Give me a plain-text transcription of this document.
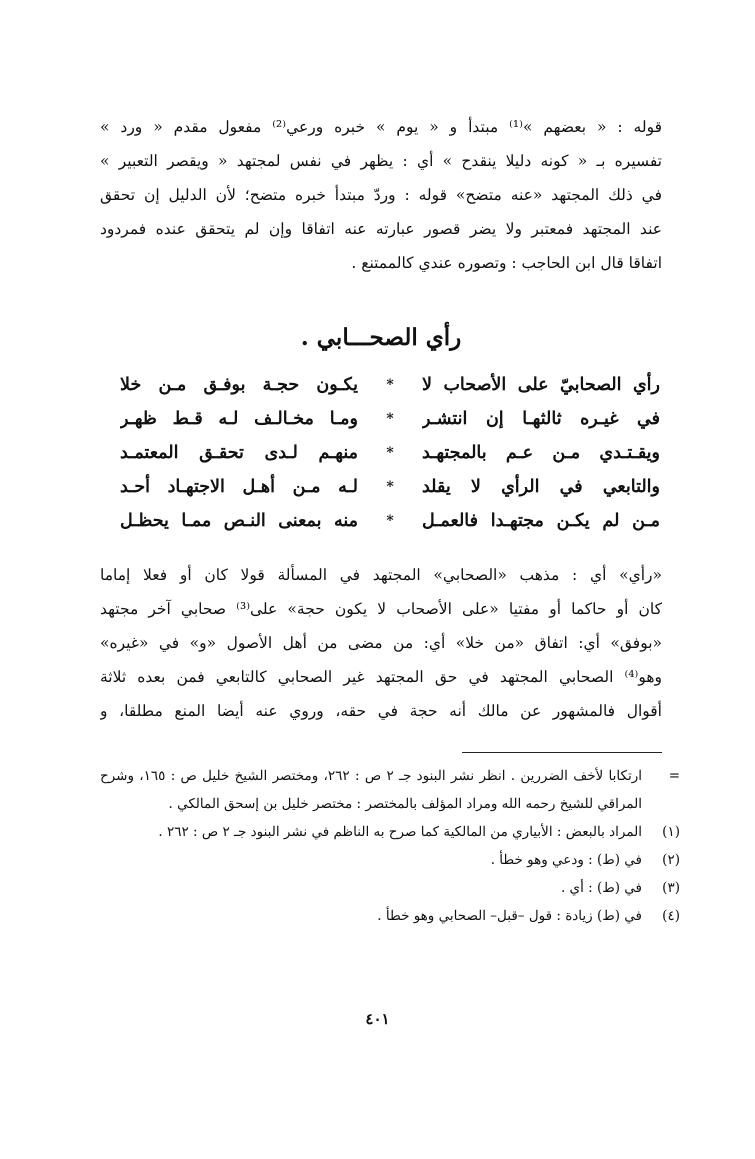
قوله : « بعضهم »⁽¹⁾ مبتدأ و « يوم » خبره ورعي⁽²⁾ مفعول مقدم « ورد »
تفسيره بـ « كونه دليلا ينقدح » أي : يظهر في نفس لمجتهد « ويقصر التعبير »
في ذلك المجتهد «عنه متضح» قوله : وردّ مبتدأ خبره متضح؛ لأن الدليل إن تحقق
عند المجتهد فمعتبر ولا يضر قصور عبارته عنه اتفاقا وإن لم يتحقق عنده فمردود
اتفاقا قال ابن الحاجب : وتصوره عندي كالممتنع .
رأي الصحـــابي .
رأي الصحابيّ على الأصحاب لا
*
يكـون حجـة بوفـق مـن خلا
في غيـره ثالثهـا إن انتشـر
*
ومـا مخـالـف لـه قـط ظهـر
ويقـتـدي مـن عـم بالمجتهـد
*
منهـم لـدى تحقـق المعتمـد
والتابعي في الرأي لا يقلد
*
لـه مـن أهـل الاجتهـاد أحـد
مـن لم يكـن مجتهـدا فالعمـل
*
منه بمعنى النـص ممـا يحظـل
«رأي» أي : مذهب «الصحابي» المجتهد في المسألة قولا كان أو فعلا إماما
كان أو حاكما أو مفتيا «على الأصحاب لا يكون حجة» على⁽³⁾ صحابي آخر مجتهد
«بوفق» أي: اتفاق «من خلا» أي: من مضى من أهل الأصول «و» في «غيره»
وهو⁽⁴⁾ الصحابي المجتهد في حق المجتهد غير الصحابي كالتابعي فمن بعده ثلاثة
أقوال فالمشهور عن مالك أنه حجة في حقه، وروي عنه أيضا المنع مطلقا، و
=
ارتكابا لأخف الضررين . انظر نشر البنود جـ ٢ ص : ٢٦٢، ومختصر الشيخ خليل ص : ١٦٥، وشرح المراقي للشيخ رحمه الله ومراد المؤلف بالمختصر : مختصر خليل بن إسحق المالكي .
(١)
المراد بالبعض : الأبياري من المالكية كما صرح به الناظم في نشر البنود جـ ٢ ص : ٢٦٢ .
(٢)
في (ط) : ودعي وهو خطأ .
(٣)
في (ط) : أي .
(٤)
في (ط) زيادة : قول –قبل– الصحابي وهو خطأ .
٤٠١
